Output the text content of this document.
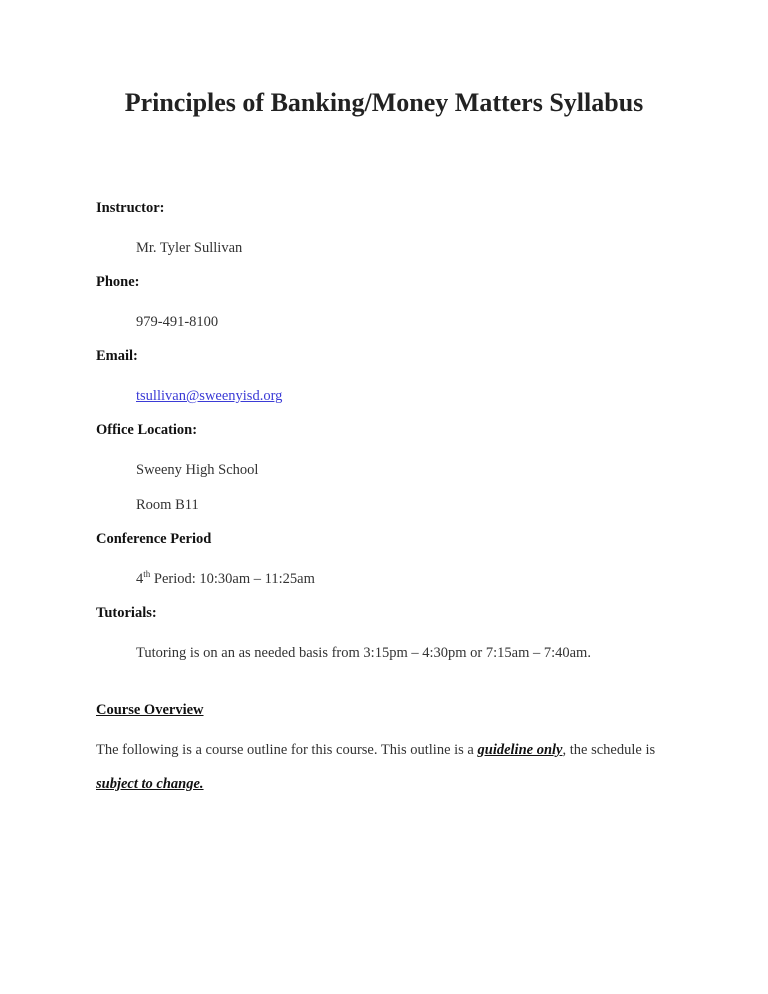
Principles of Banking/Money Matters Syllabus
Instructor:
Mr. Tyler Sullivan
Phone:
979-491-8100
Email:
tsullivan@sweenyisd.org
Office Location:
Sweeny High School
Room B11
Conference Period
4th Period: 10:30am – 11:25am
Tutorials:
Tutoring is on an as needed basis from 3:15pm – 4:30pm or 7:15am – 7:40am.
Course Overview
The following is a course outline for this course. This outline is a guideline only, the schedule is
subject to change.
